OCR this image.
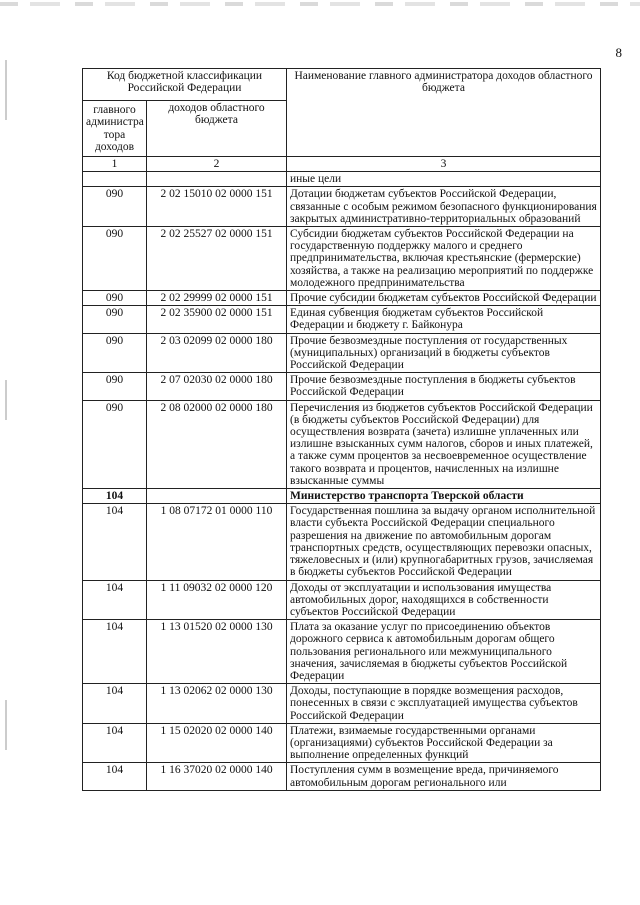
8
Код бюджетной классификации Российской Федерации		Наименование главного администратора доходов областного бюджета
главного администра тора доходов	доходов областного бюджета	
1	2	3
		иные цели
090	2 02 15010 02 0000 151	Дотации бюджетам субъектов Российской Федерации, связанные с особым режимом безопасного функционирования закрытых административно-территориальных образований
090	2 02 25527 02 0000 151	Субсидии бюджетам субъектов Российской Федерации на государственную поддержку малого и среднего предпринимательства, включая крестьянские (фермерские) хозяйства, а также на реализацию мероприятий по поддержке молодежного предпринимательства
090	2 02 29999 02 0000 151	Прочие субсидии бюджетам субъектов Российской Федерации
090	2 02 35900 02 0000 151	Единая субвенция бюджетам субъектов Российской Федерации и бюджету г. Байконура
090	2 03 02099 02 0000 180	Прочие безвозмездные поступления от государственных (муниципальных) организаций в бюджеты субъектов Российской Федерации
090	2 07 02030 02 0000 180	Прочие безвозмездные поступления в бюджеты субъектов Российской Федерации
090	2 08 02000 02 0000 180	Перечисления из бюджетов субъектов Российской Федерации (в бюджеты субъектов Российской Федерации) для осуществления возврата (зачета) излишне уплаченных или излишне взысканных сумм налогов, сборов и иных платежей, а также сумм процентов за несвоевременное осуществление такого возврата и процентов, начисленных на излишне взысканные суммы
104		Министерство транспорта Тверской области
104	1 08 07172 01 0000 110	Государственная пошлина за выдачу органом исполнительной власти субъекта Российской Федерации специального разрешения на движение по автомобильным дорогам транспортных средств, осуществляющих перевозки опасных, тяжеловесных и (или) крупногабаритных грузов, зачисляемая в бюджеты субъектов Российской Федерации
104	1 11 09032 02 0000 120	Доходы от эксплуатации и использования имущества автомобильных дорог, находящихся в собственности субъектов Российской Федерации
104	1 13 01520 02 0000 130	Плата за оказание услуг по присоединению объектов дорожного сервиса к автомобильным дорогам общего пользования регионального или межмуниципального значения, зачисляемая в бюджеты субъектов Российской Федерации
104	1 13 02062 02 0000 130	Доходы, поступающие в порядке возмещения расходов, понесенных в связи с эксплуатацией имущества субъектов Российской Федерации
104	1 15 02020 02 0000 140	Платежи, взимаемые государственными органами (организациями) субъектов Российской Федерации за выполнение определенных функций
104	1 16 37020 02 0000 140	Поступления сумм в возмещение вреда, причиняемого автомобильным дорогам регионального или
